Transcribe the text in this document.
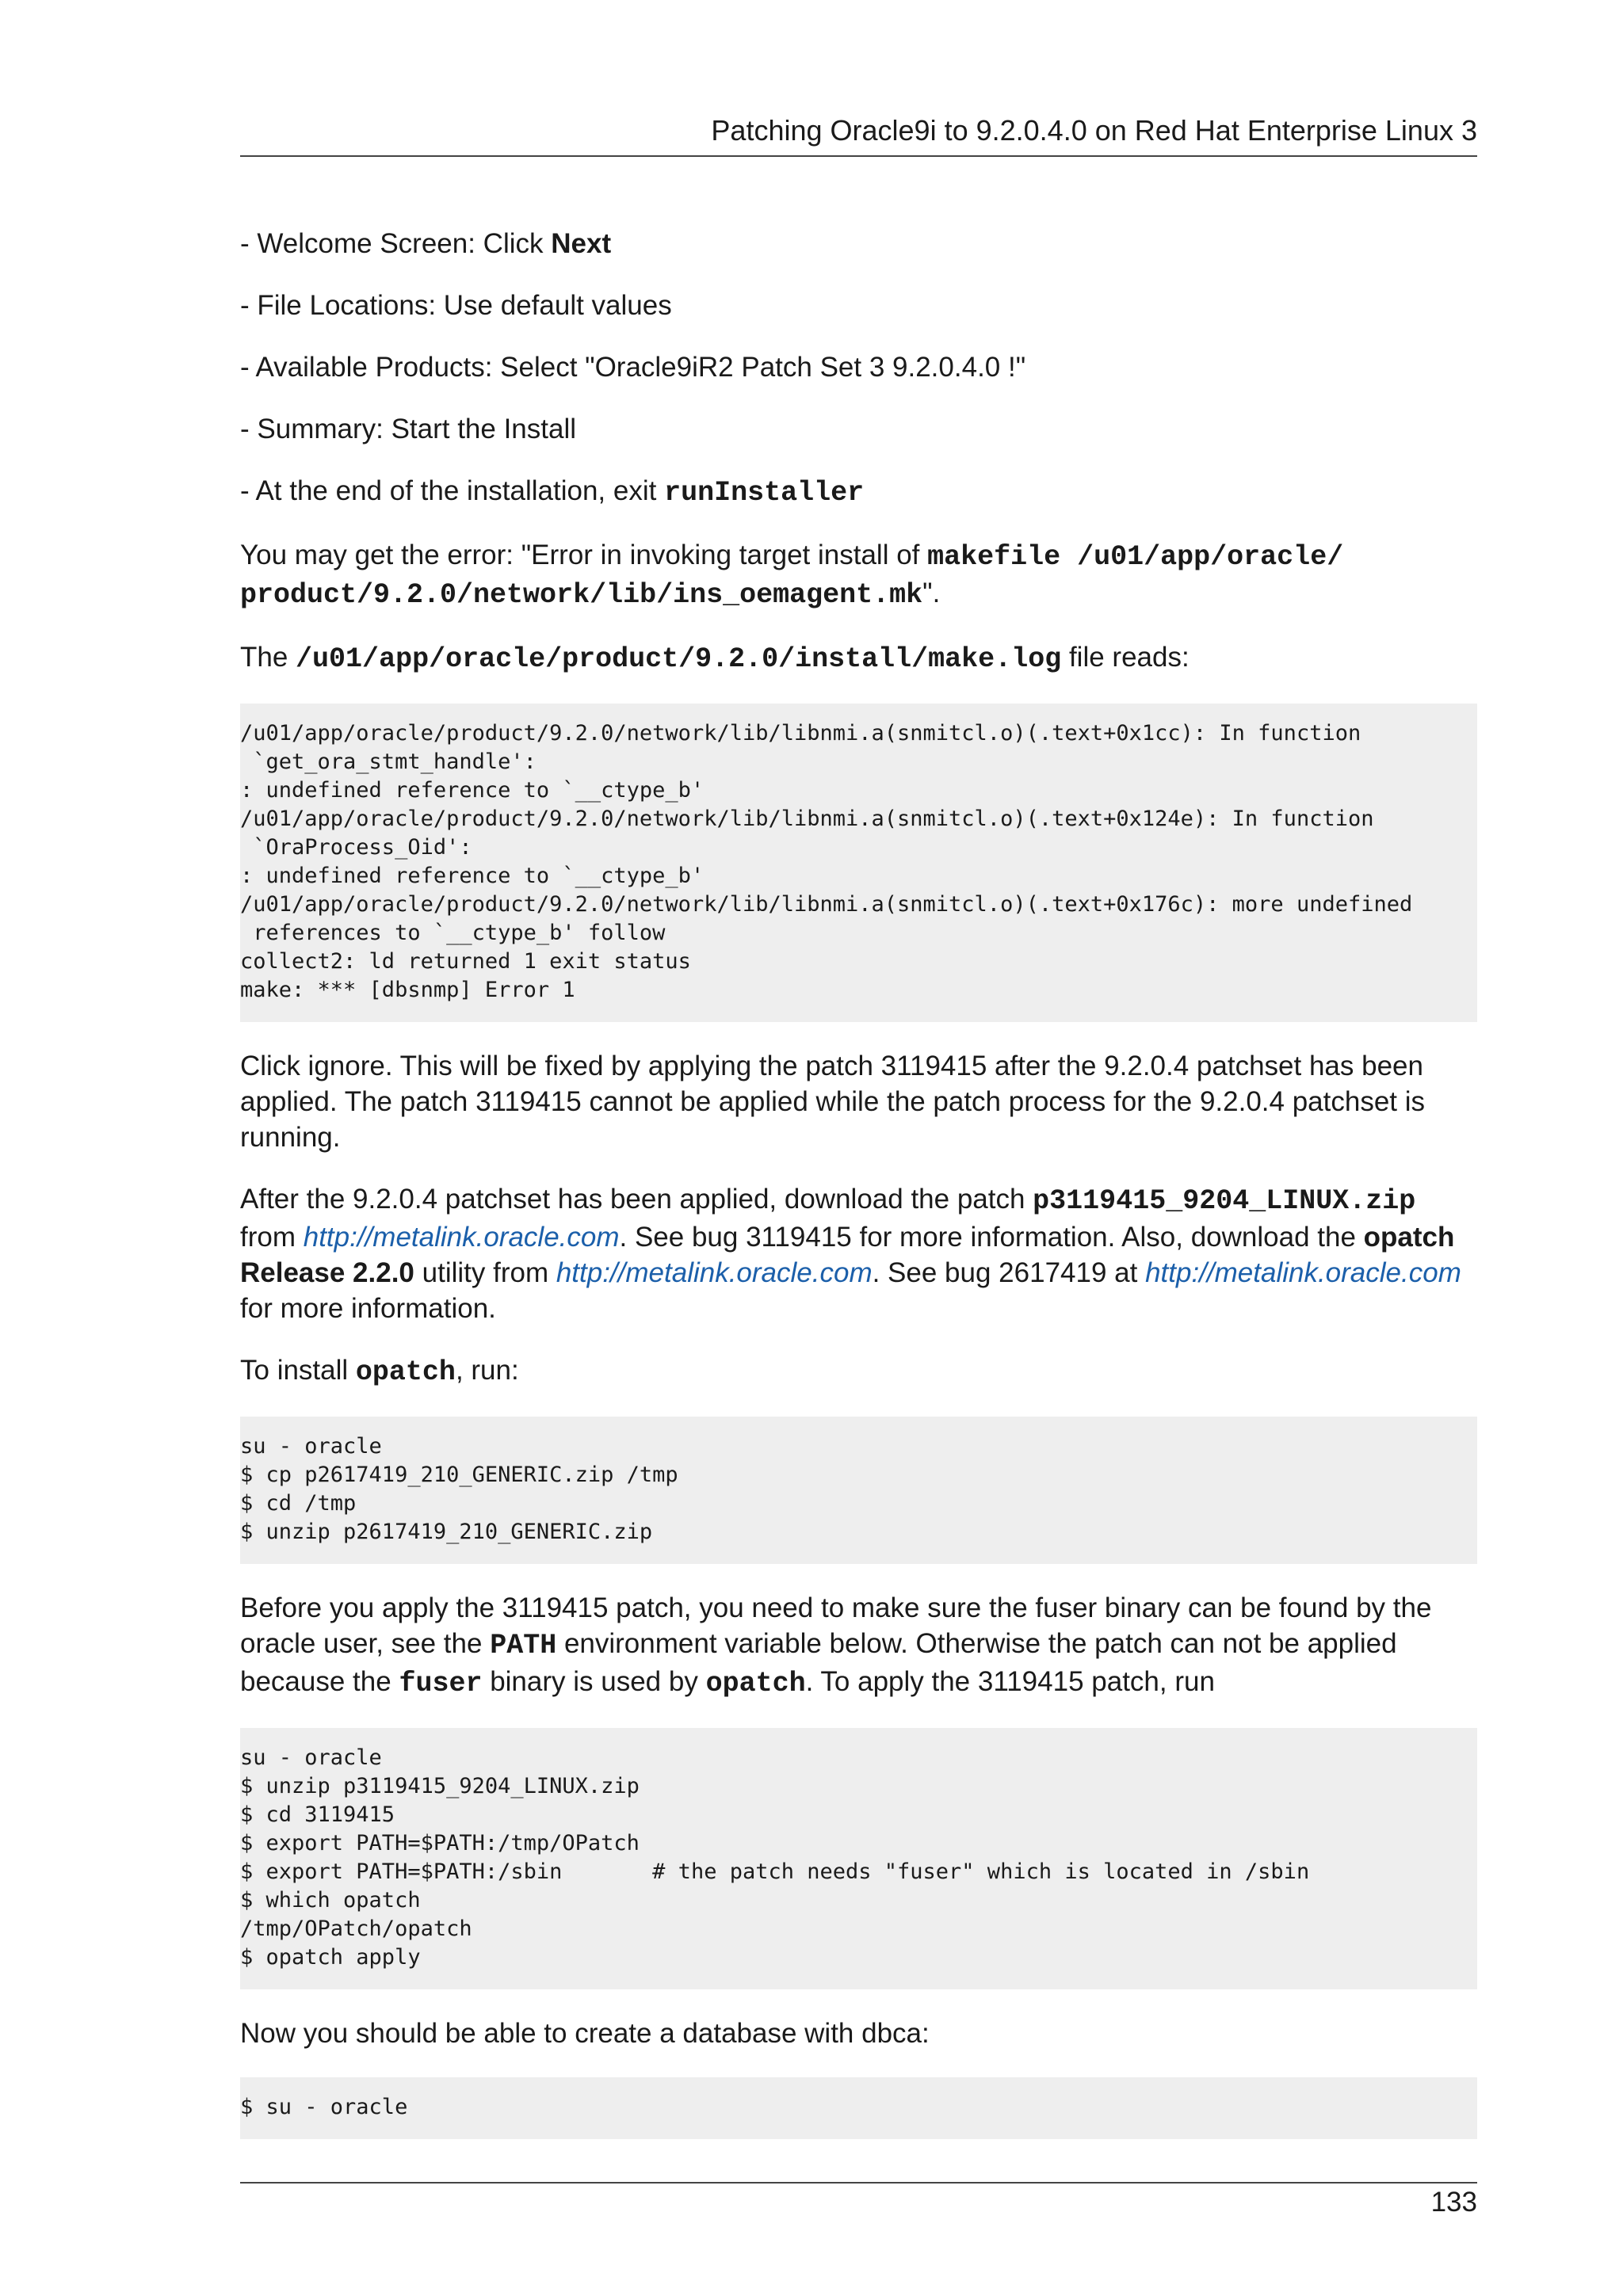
Patching Oracle9i to 9.2.0.4.0 on Red Hat Enterprise Linux 3

- Welcome Screen: Click Next

- File Locations: Use default values

- Available Products: Select "Oracle9iR2 Patch Set 3 9.2.0.4.0 !"

- Summary: Start the Install

- At the end of the installation, exit runInstaller

You may get the error: "Error in invoking target install of makefile /u01/app/oracle/
product/9.2.0/network/lib/ins_oemagent.mk".

The /u01/app/oracle/product/9.2.0/install/make.log file reads:

/u01/app/oracle/product/9.2.0/network/lib/libnmi.a(snmitcl.o)(.text+0x1cc): In function
`get_ora_stmt_handle':
: undefined reference to `__ctype_b'
/u01/app/oracle/product/9.2.0/network/lib/libnmi.a(snmitcl.o)(.text+0x124e): In function
`OraProcess_Oid':
: undefined reference to `__ctype_b'
/u01/app/oracle/product/9.2.0/network/lib/libnmi.a(snmitcl.o)(.text+0x176c): more undefined
references to `__ctype_b' follow
collect2: ld returned 1 exit status
make: *** [dbsnmp] Error 1

Click ignore. This will be fixed by applying the patch 3119415 after the 9.2.0.4 patchset has been
applied. The patch 3119415 cannot be applied while the patch process for the 9.2.0.4 patchset is
running.

After the 9.2.0.4 patchset has been applied, download the patch p3119415_9204_LINUX.zip
from http://metalink.oracle.com. See bug 3119415 for more information. Also, download the opatch
Release 2.2.0 utility from http://metalink.oracle.com. See bug 2617419 at http://metalink.oracle.com
for more information.

To install opatch, run:

su - oracle
$ cp p2617419_210_GENERIC.zip /tmp
$ cd /tmp
$ unzip p2617419_210_GENERIC.zip

Before you apply the 3119415 patch, you need to make sure the fuser binary can be found by the
oracle user, see the PATH environment variable below. Otherwise the patch can not be applied
because the fuser binary is used by opatch. To apply the 3119415 patch, run

su - oracle
$ unzip p3119415_9204_LINUX.zip
$ cd 3119415
$ export PATH=$PATH:/tmp/OPatch
$ export PATH=$PATH:/sbin       # the patch needs "fuser" which is located in /sbin
$ which opatch
/tmp/OPatch/opatch
$ opatch apply

Now you should be able to create a database with dbca:

$ su - oracle
133
